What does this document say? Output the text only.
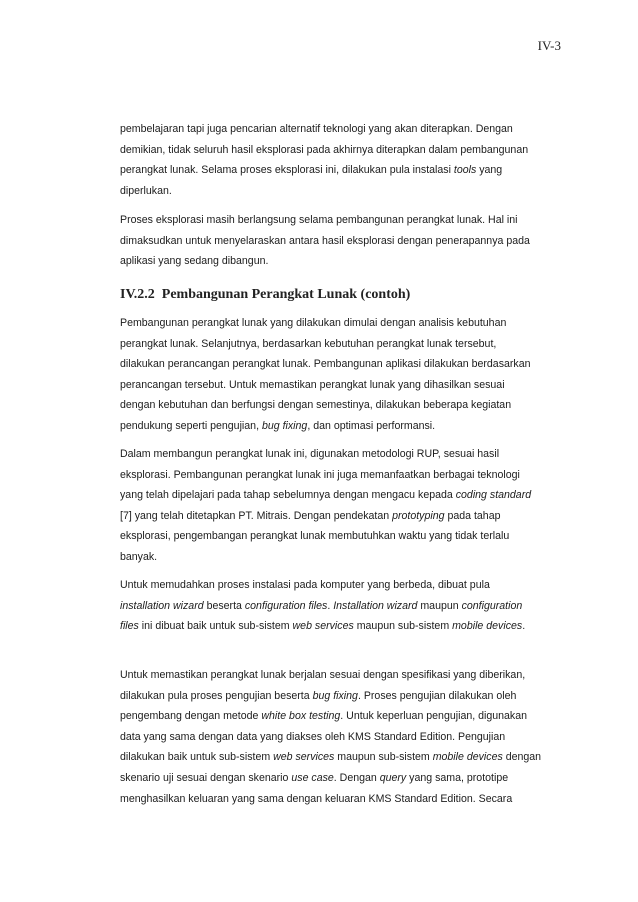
IV-3

pembelajaran tapi juga pencarian alternatif teknologi yang akan diterapkan. Dengan
demikian, tidak seluruh hasil eksplorasi pada akhirnya diterapkan dalam pembangunan
perangkat lunak. Selama proses eksplorasi ini, dilakukan pula instalasi tools yang
diperlukan.

Proses eksplorasi masih berlangsung selama pembangunan perangkat lunak. Hal ini
dimaksudkan untuk menyelaraskan antara hasil eksplorasi dengan penerapannya pada
aplikasi yang sedang dibangun.

IV.2.2 Pembangunan Perangkat Lunak (contoh)

Pembangunan perangkat lunak yang dilakukan dimulai dengan analisis kebutuhan
perangkat lunak. Selanjutnya, berdasarkan kebutuhan perangkat lunak tersebut,
dilakukan perancangan perangkat lunak. Pembangunan aplikasi dilakukan berdasarkan
perancangan tersebut. Untuk memastikan perangkat lunak yang dihasilkan sesuai
dengan kebutuhan dan berfungsi dengan semestinya, dilakukan beberapa kegiatan
pendukung seperti pengujian, bug fixing, dan optimasi performansi.

Dalam membangun perangkat lunak ini, digunakan metodologi RUP, sesuai hasil
eksplorasi. Pembangunan perangkat lunak ini juga memanfaatkan berbagai teknologi
yang telah dipelajari pada tahap sebelumnya dengan mengacu kepada coding standard
[7] yang telah ditetapkan PT. Mitrais. Dengan pendekatan prototyping pada tahap
eksplorasi, pengembangan perangkat lunak membutuhkan waktu yang tidak terlalu
banyak.

Untuk memudahkan proses instalasi pada komputer yang berbeda, dibuat pula
installation wizard beserta configuration files. Installation wizard maupun configuration
files ini dibuat baik untuk sub-sistem web services maupun sub-sistem mobile devices.

Untuk memastikan perangkat lunak berjalan sesuai dengan spesifikasi yang diberikan,
dilakukan pula proses pengujian beserta bug fixing. Proses pengujian dilakukan oleh
pengembang dengan metode white box testing. Untuk keperluan pengujian, digunakan
data yang sama dengan data yang diakses oleh KMS Standard Edition. Pengujian
dilakukan baik untuk sub-sistem web services maupun sub-sistem mobile devices dengan
skenario uji sesuai dengan skenario use case. Dengan query yang sama, prototipe
menghasilkan keluaran yang sama dengan keluaran KMS Standard Edition. Secara
